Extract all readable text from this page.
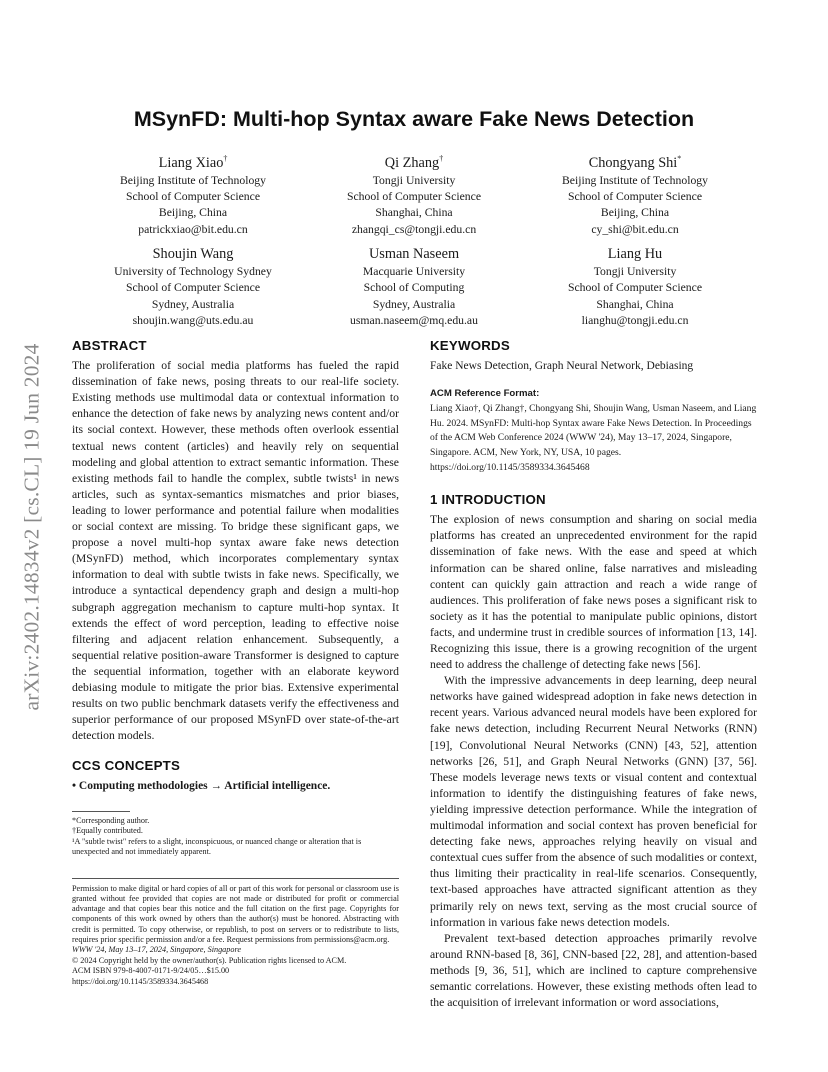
arXiv:2402.14834v2 [cs.CL] 19 Jun 2024
MSynFD: Multi-hop Syntax aware Fake News Detection
Liang Xiao†
Beijing Institute of Technology
School of Computer Science
Beijing, China
patrickxiao@bit.edu.cn
Qi Zhang†
Tongji University
School of Computer Science
Shanghai, China
zhangqi_cs@tongji.edu.cn
Chongyang Shi*
Beijing Institute of Technology
School of Computer Science
Beijing, China
cy_shi@bit.edu.cn
Shoujin Wang
University of Technology Sydney
School of Computer Science
Sydney, Australia
shoujin.wang@uts.edu.au
Usman Naseem
Macquarie University
School of Computing
Sydney, Australia
usman.naseem@mq.edu.au
Liang Hu
Tongji University
School of Computer Science
Shanghai, China
lianghu@tongji.edu.cn
ABSTRACT

The proliferation of social media platforms has fueled the rapid dissemination of fake news, posing threats to our real-life society. Existing methods use multimodal data or contextual information to enhance the detection of fake news by analyzing news content and/or its social context. However, these methods often overlook essential textual news content (articles) and heavily rely on sequential modeling and global attention to extract semantic information. These existing methods fail to handle the complex, subtle twists¹ in news articles, such as syntax-semantics mismatches and prior biases, leading to lower performance and potential failure when modalities or social context are missing. To bridge these significant gaps, we propose a novel multi-hop syntax aware fake news detection (MSynFD) method, which incorporates complementary syntax information to deal with subtle twists in fake news. Specifically, we introduce a syntactical dependency graph and design a multi-hop subgraph aggregation mechanism to capture multi-hop syntax. It extends the effect of word perception, leading to effective noise filtering and adjacent relation enhancement. Subsequently, a sequential relative position-aware Transformer is designed to capture the sequential information, together with an elaborate keyword debiasing module to mitigate the prior bias. Extensive experimental results on two public benchmark datasets verify the effectiveness and superior performance of our proposed MSynFD over state-of-the-art detection models.

CCS CONCEPTS

• Computing methodologies → Artificial intelligence.

*Corresponding author.
†Equally contributed.
¹A "subtle twist" refers to a slight, inconspicuous, or nuanced change or alteration that is unexpected and not immediately apparent.
Permission to make digital or hard copies of all or part of this work for personal or classroom use is granted without fee provided that copies are not made or distributed for profit or commercial advantage and that copies bear this notice and the full citation on the first page. Copyrights for components of this work owned by others than the author(s) must be honored. Abstracting with credit is permitted. To copy otherwise, or republish, to post on servers or to redistribute to lists, requires prior specific permission and/or a fee. Request permissions from permissions@acm.org.
WWW '24, May 13–17, 2024, Singapore, Singapore
© 2024 Copyright held by the owner/author(s). Publication rights licensed to ACM.
ACM ISBN 979-8-4007-0171-9/24/05…$15.00
https://doi.org/10.1145/3589334.3645468
KEYWORDS

Fake News Detection, Graph Neural Network, Debiasing

ACM Reference Format:

Liang Xiao†, Qi Zhang†, Chongyang Shi, Shoujin Wang, Usman Naseem, and Liang Hu. 2024. MSynFD: Multi-hop Syntax aware Fake News Detection. In Proceedings of the ACM Web Conference 2024 (WWW '24), May 13–17, 2024, Singapore, Singapore. ACM, New York, NY, USA, 10 pages. https://doi.org/10.1145/3589334.3645468

1 INTRODUCTION

The explosion of news consumption and sharing on social media platforms has created an unprecedented environment for the rapid dissemination of fake news. With the ease and speed at which information can be shared online, false narratives and misleading content can quickly gain attraction and reach a wide range of audiences. This proliferation of fake news poses a significant risk to society as it has the potential to manipulate public opinions, distort facts, and undermine trust in credible sources of information [13, 14]. Recognizing this issue, there is a growing recognition of the urgent need to address the challenge of detecting fake news [56].

With the impressive advancements in deep learning, deep neural networks have gained widespread adoption in fake news detection in recent years. Various advanced neural models have been explored for fake news detection, including Recurrent Neural Networks (RNN) [19], Convolutional Neural Networks (CNN) [43, 52], attention networks [26, 51], and Graph Neural Networks (GNN) [37, 56]. These models leverage news texts or visual content and contextual information to identify the distinguishing features of fake news, yielding impressive detection performance. While the integration of multimodal information and social context has proven beneficial for detecting fake news, approaches relying heavily on visual and contextual cues suffer from the absence of such modalities or context, thus limiting their practicality in real-life scenarios. Consequently, text-based approaches have attracted significant attention as they primarily rely on news text, serving as the most crucial source of information in various fake news detection models.

Prevalent text-based detection approaches primarily revolve around RNN-based [8, 36], CNN-based [22, 28], and attention-based methods [9, 36, 51], which are inclined to capture comprehensive semantic correlations. However, these existing methods often lead to the acquisition of irrelevant information or word associations,
